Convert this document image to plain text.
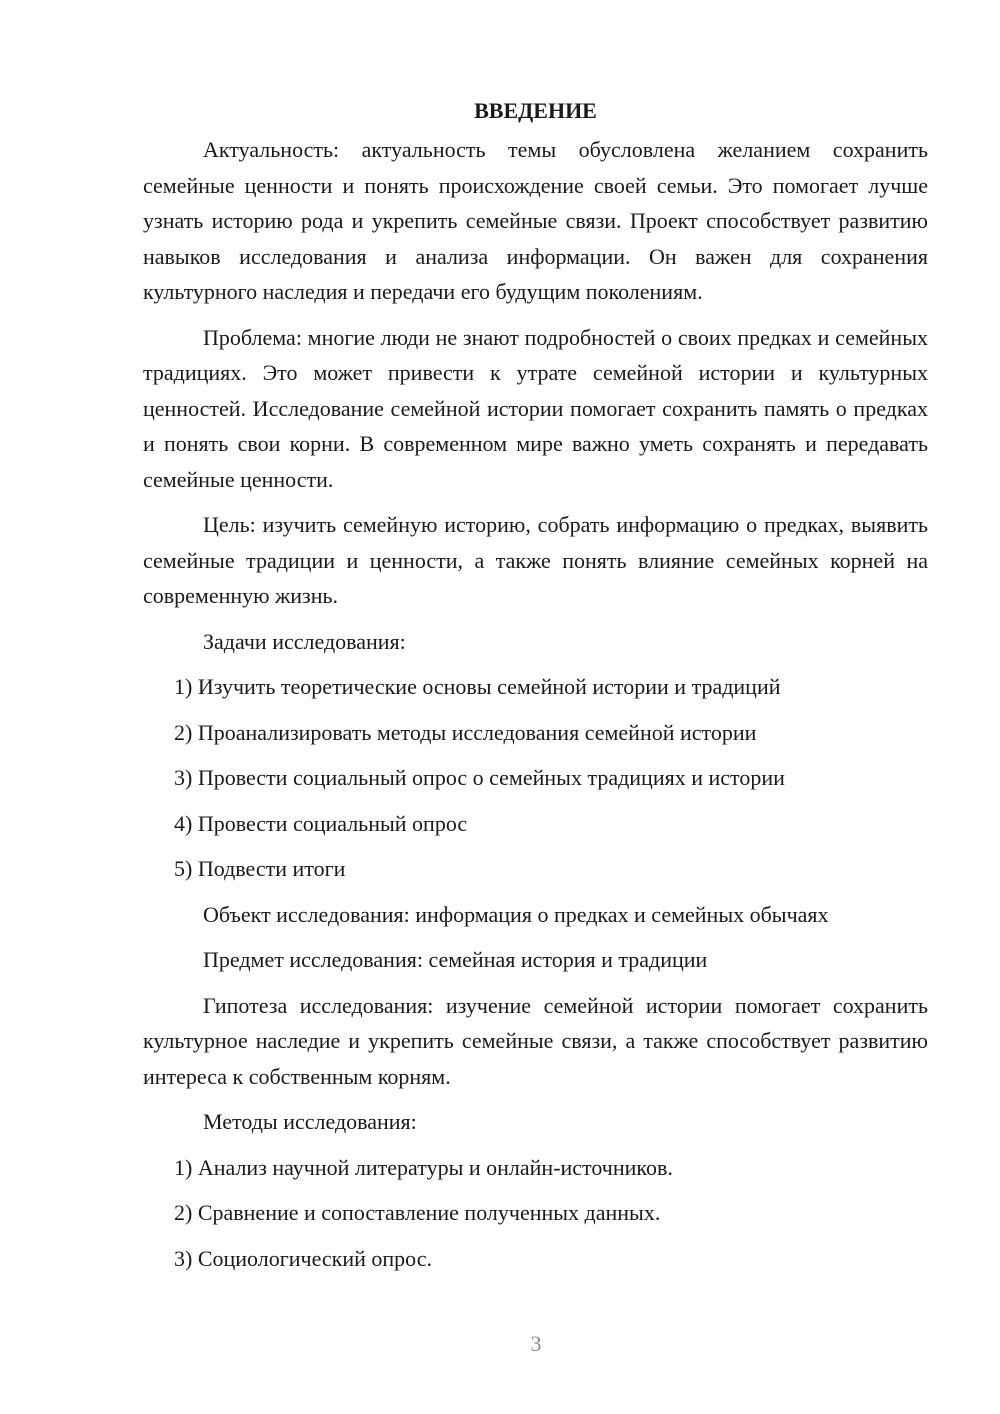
ВВЕДЕНИЕ

Актуальность: актуальность темы обусловлена желанием сохранить семейные ценности и понять происхождение своей семьи. Это помогает лучше узнать историю рода и укрепить семейные связи. Проект способствует развитию навыков исследования и анализа информации. Он важен для сохранения культурного наследия и передачи его будущим поколениям.

Проблема: многие люди не знают подробностей о своих предках и семейных традициях. Это может привести к утрате семейной истории и культурных ценностей. Исследование семейной истории помогает сохранить память о предках и понять свои корни. В современном мире важно уметь сохранять и передавать семейные ценности.

Цель: изучить семейную историю, собрать информацию о предках, выявить семейные традиции и ценности, а также понять влияние семейных корней на современную жизнь.

Задачи исследования:

1) Изучить теоретические основы семейной истории и традиций

2) Проанализировать методы исследования семейной истории

3) Провести социальный опрос о семейных традициях и истории

4) Провести социальный опрос

5) Подвести итоги

Объект исследования: информация о предках и семейных обычаях

Предмет исследования: семейная история и традиции

Гипотеза исследования: изучение семейной истории помогает сохранить культурное наследие и укрепить семейные связи, а также способствует развитию интереса к собственным корням.

Методы исследования:

1) Анализ научной литературы и онлайн-источников.

2) Сравнение и сопоставление полученных данных.

3) Социологический опрос.

3
